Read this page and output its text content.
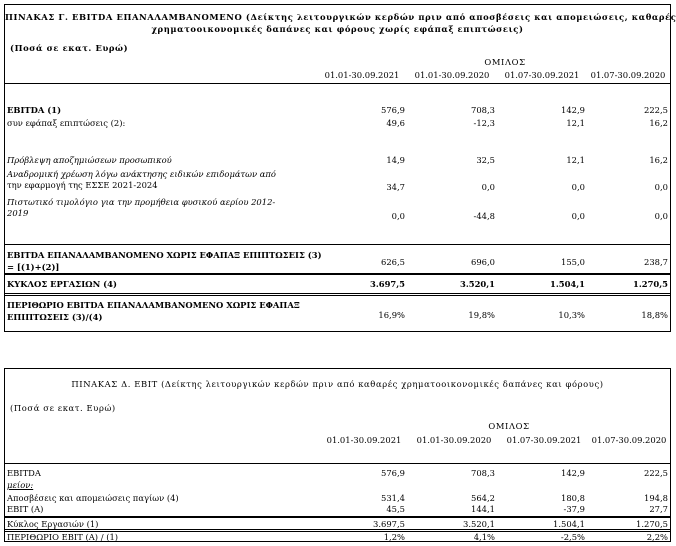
ΠΙΝΑΚΑΣ Γ. EBITDA ΕΠΑΝΑΛΑΜΒΑΝΟΜΕΝΟ (Δείκτης λειτουργικών κερδών πριν από αποσβέσεις και απομειώσεις, καθαρές
χρηματοοικονομικές δαπάνες και φόρους χωρίς εφάπαξ επιπτώσεις)
(Ποσά σε εκατ. Ευρώ)
ΟΜΙΛΟΣ
01.01-30.09.2021	01.01-30.09.2020	01.07-30.09.2021	01.07-30.09.2020
EBITDA (1)	576,9	708,3	142,9	222,5
συν εφάπαξ επιπτώσεις (2):	49,6	-12,3	12,1	16,2
Πρόβλεψη αποζημιώσεων προσωπικού	14,9	32,5	12,1	16,2
Αναδρομική χρέωση λόγω ανάκτησης ειδικών επιδομάτων από
την εφαρμογή της ΕΣΣΕ 2021-2024	34,7	0,0	0,0	0,0
Πιστωτικό τιμολόγιο για την προμήθεια φυσικού αερίου 2012-
2019	0,0	-44,8	0,0	0,0
EBITDA ΕΠΑΝΑΛΑΜΒΑΝΟΜΕΝΟ ΧΩΡΙΣ ΕΦΑΠΑΞ ΕΠΙΠΤΩΣΕΙΣ (3)
= [(1)+(2)]	626,5	696,0	155,0	238,7
ΚΥΚΛΟΣ ΕΡΓΑΣΙΩΝ (4)	3.697,5	3.520,1	1.504,1	1.270,5
ΠΕΡΙΘΩΡΙΟ EBITDA ΕΠΑΝΑΛΑΜΒΑΝΟΜΕΝΟ ΧΩΡΙΣ ΕΦΑΠΑΞ
ΕΠΙΠΤΩΣΕΙΣ (3)/(4)	16,9%	19,8%	10,3%	18,8%
ΠΙΝΑΚΑΣ Δ. EBIT (Δείκτης λειτουργικών κερδών πριν από καθαρές χρηματοοικονομικές δαπάνες και φόρους)
(Ποσά σε εκατ. Ευρώ)
ΟΜΙΛΟΣ
01.01-30.09.2021	01.01-30.09.2020	01.07-30.09.2021	01.07-30.09.2020
EBITDA	576,9	708,3	142,9	222,5
μείον:
Αποσβέσεις και απομειώσεις παγίων (4)	531,4	564,2	180,8	194,8
EBIT (A)	45,5	144,1	-37,9	27,7
Κύκλος Εργασιών (1)	3.697,5	3.520,1	1.504,1	1.270,5
ΠΕΡΙΘΩΡΙΟ EBIT (A) / (1)	1,2%	4,1%	-2,5%	2,2%
